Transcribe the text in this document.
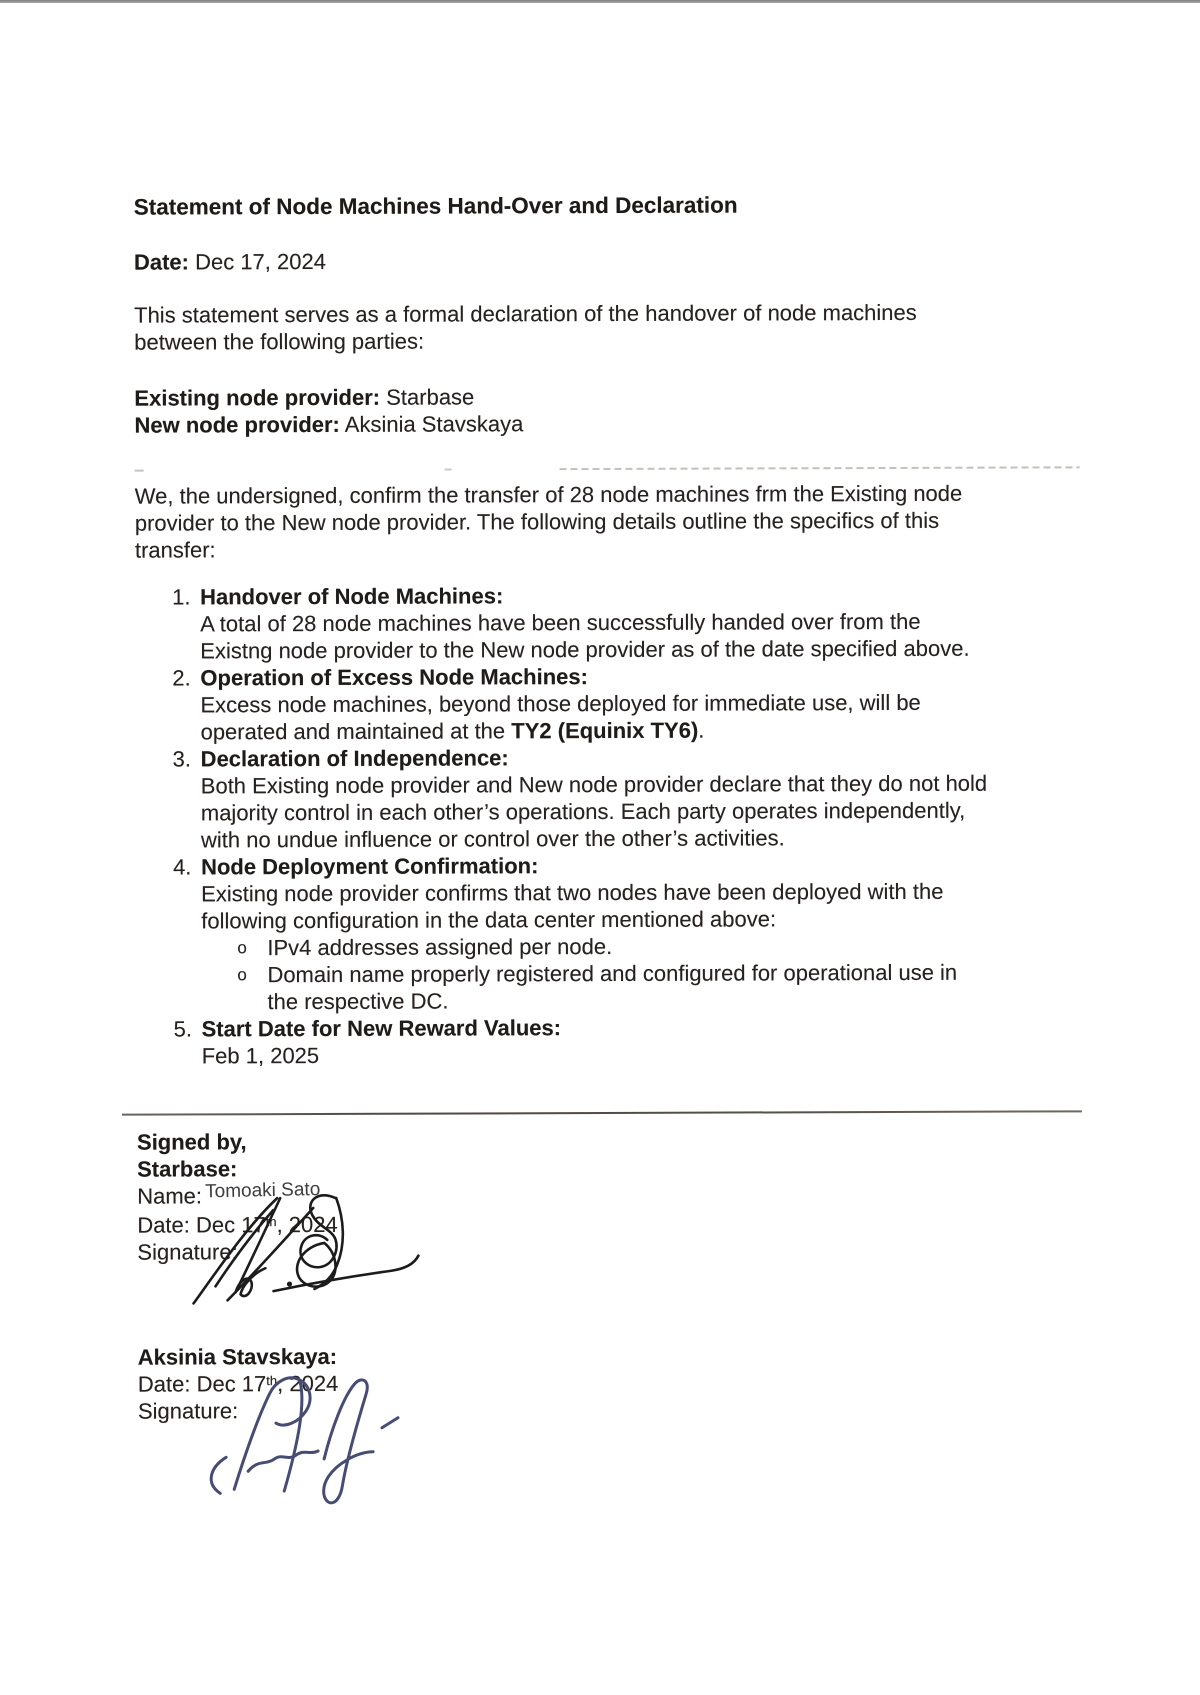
Statement of Node Machines Hand-Over and Declaration

Date: Dec 17, 2024

This statement serves as a formal declaration of the handover of node machines
between the following parties:

Existing node provider: Starbase

New node provider: Aksinia Stavskaya

We, the undersigned, confirm the transfer of 28 node machines frm the Existing node
provider to the New node provider. The following details outline the specifics of this
transfer:

1. Handover of Node Machines:
A total of 28 node machines have been successfully handed over from the
Existng node provider to the New node provider as of the date specified above.
2. Operation of Excess Node Machines:
Excess node machines, beyond those deployed for immediate use, will be
operated and maintained at the TY2 (Equinix TY6).
3. Declaration of Independence:
Both Existing node provider and New node provider declare that they do not hold
majority control in each other’s operations. Each party operates independently,
with no undue influence or control over the other’s activities.
4. Node Deployment Confirmation:
Existing node provider confirms that two nodes have been deployed with the
following configuration in the data center mentioned above:
o IPv4 addresses assigned per node.
o Domain name properly registered and configured for operational use in
the respective DC.
5. Start Date for New Reward Values:
Feb 1, 2025

Signed by,

Starbase:

Name: Tomoaki Sato

Date: Dec 17th, 2024

Signature:

Aksinia Stavskaya:

Date: Dec 17th, 2024

Signature:
